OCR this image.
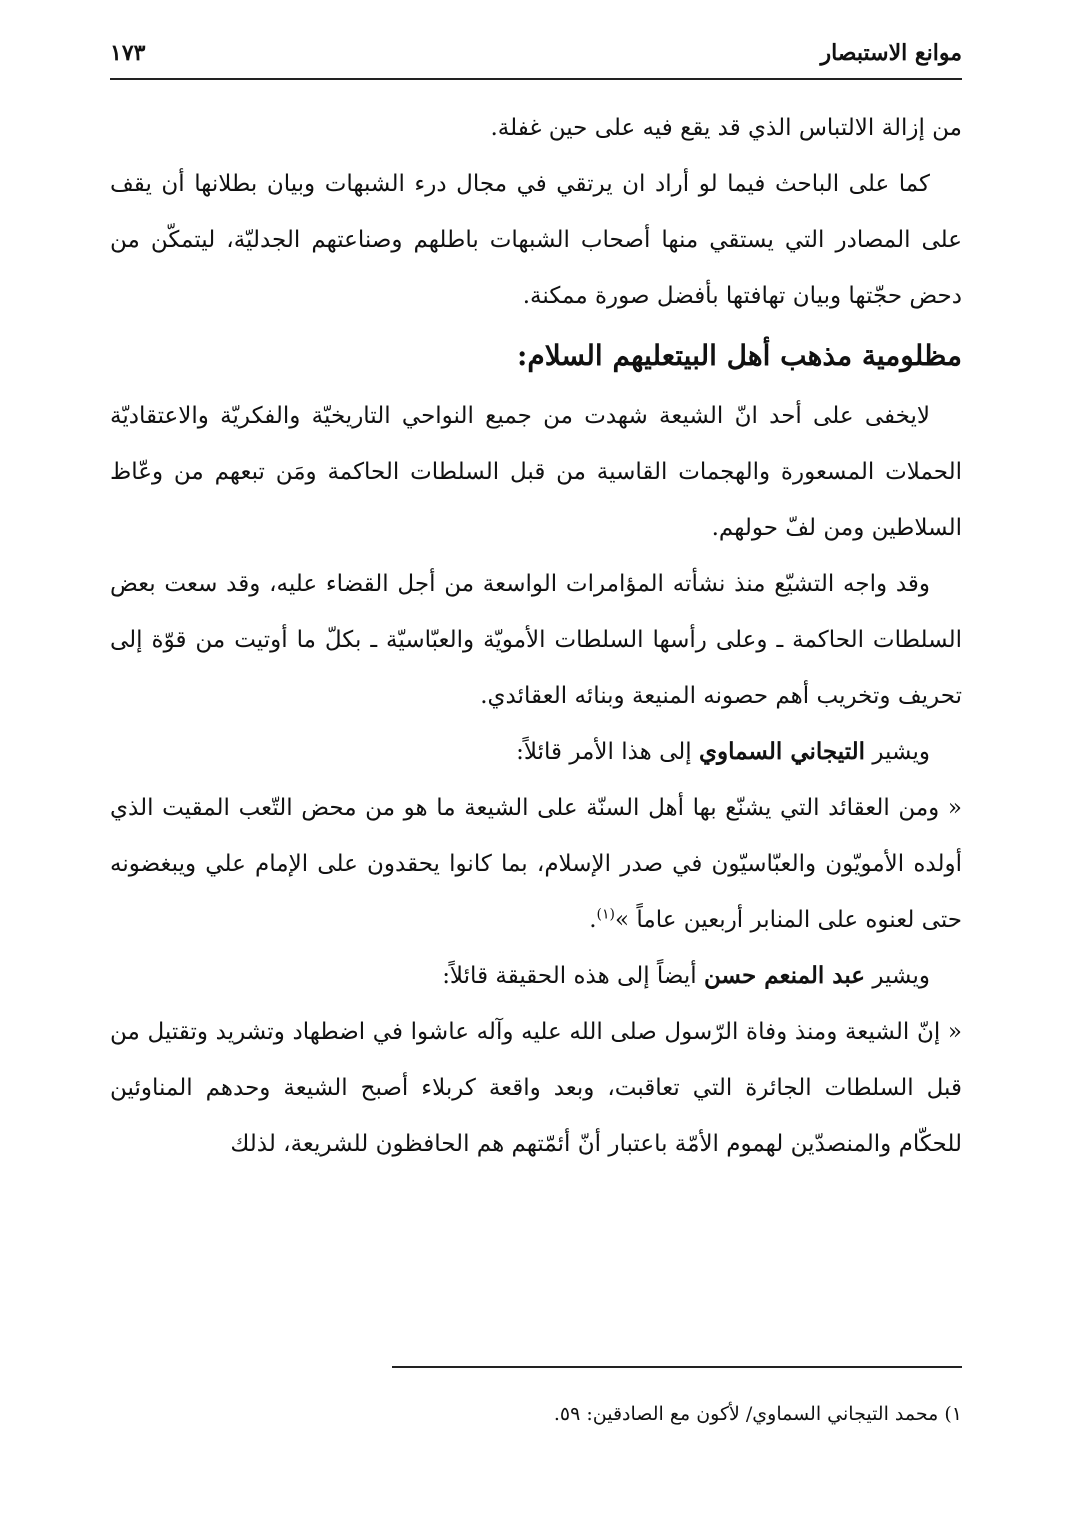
موانع الاستبصار
١٧٣

من إزالة الالتباس الذي قد يقع فيه على حين غفلة.

كما على الباحث فيما لو أراد ان يرتقي في مجال درء الشبهات وبيان بطلانها أن يقف على المصادر التي يستقي منها أصحاب الشبهات باطلهم وصناعتهم الجدليّة، ليتمكّن من دحض حجّتها وبيان تهافتها بأفضل صورة ممكنة.

مظلومية مذهب أهل البيتعليهم السلام:

لايخفى على أحد انّ الشيعة شهدت من جميع النواحي التاريخيّة والفكريّة والاعتقاديّة الحملات المسعورة والهجمات القاسية من قبل السلطات الحاكمة ومَن تبعهم من وعّاظ السلاطين ومن لفّ حولهم.

وقد واجه التشيّع منذ نشأته المؤامرات الواسعة من أجل القضاء عليه، وقد سعت بعض السلطات الحاكمة ـ وعلى رأسها السلطات الأمويّة والعبّاسيّة ـ بكلّ ما أوتيت من قوّة إلى تحريف وتخريب أهم حصونه المنيعة وبنائه العقائدي.

ويشير التيجاني السماوي إلى هذا الأمر قائلاً:

« ومن العقائد التي يشنّع بها أهل السنّة على الشيعة ما هو من محض التّعب المقيت الذي أولده الأمويّون والعبّاسيّون في صدر الإسلام، بما كانوا يحقدون على الإمام علي ويبغضونه حتى لعنوه على المنابر أربعين عاماً »$^{(١)}$.

ويشير عبد المنعم حسن أيضاً إلى هذه الحقيقة قائلاً:

« إنّ الشيعة ومنذ وفاة الرّسول صلى الله عليه وآله عاشوا في اضطهاد وتشريد وتقتيل من قبل السلطات الجائرة التي تعاقبت، وبعد واقعة كربلاء أصبح الشيعة وحدهم المناوئين للحكّام والمنصدّين لهموم الأمّة باعتبار أنّ أئمّتهم هم الحافظون للشريعة، لذلك

١) محمد التيجاني السماوي/ لأكون مع الصادقين: ٥٩.
